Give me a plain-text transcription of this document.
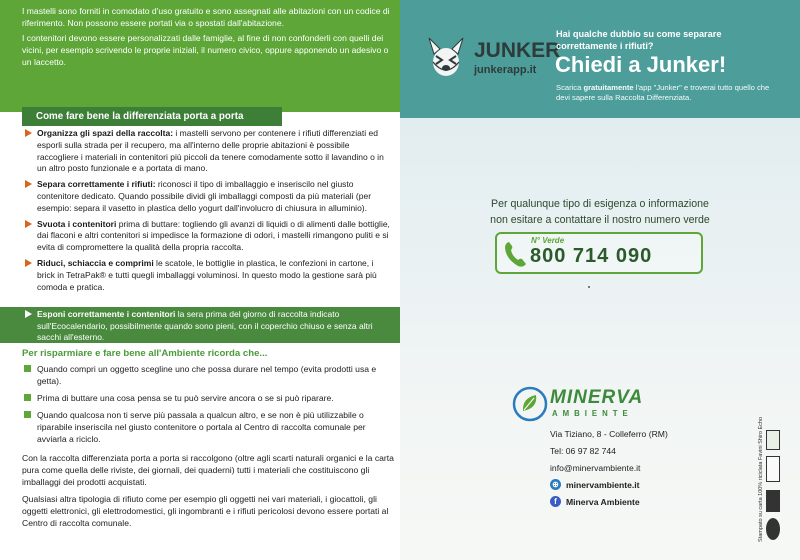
I mastelli sono forniti in comodato d'uso gratuito e sono assegnati alle abitazioni con un codice di riferimento. Non possono essere portati via o spostati dall'abitazione.

I contenitori devono essere personalizzati dalle famiglie, al fine di non confonderli con quelli dei vicini, per esempio scrivendo le proprie iniziali, il numero civico, oppure apponendo un adesivo o un laccetto.

Come fare bene la differenziata porta a porta
Organizza gli spazi della raccolta: i mastelli servono per contenere i rifiuti differenziati ed esporli sulla strada per il recupero, ma all'interno delle proprie abitazioni è possibile raccogliere i materiali in contenitori più piccoli da tenere comodamente sotto il lavandino o in un altro posto funzionale e a portata di mano.
Separa correttamente i rifiuti: riconosci il tipo di imballaggio e inseriscilo nel giusto contenitore dedicato. Quando possibile dividi gli imballaggi composti da più materiali (per esempio: separa il vasetto in plastica dello yogurt dall'involucro di chiusura in alluminio).
Svuota i contenitori prima di buttare: togliendo gli avanzi di liquidi o di alimenti dalle bottiglie, dai flaconi e altri contenitori si impedisce la formazione di odori, i mastelli rimangono puliti e si evita di compromettere la qualità della propria raccolta.
Riduci, schiaccia e comprimi le scatole, le bottiglie in plastica, le confezioni in cartone, i brick in TetraPak® e tutti quegli imballaggi voluminosi. In questo modo la gestione sarà più comoda e pratica.
Esponi correttamente i contenitori la sera prima del giorno di raccolta indicato sull'Ecocalendario, possibilmente quando sono pieni, con il coperchio chiuso e senza altri sacchi all'esterno.
Per risparmiare e fare bene all'Ambiente ricorda che...
Quando compri un oggetto scegline uno che possa durare nel tempo (evita prodotti usa e getta).
Prima di buttare una cosa pensa se tu può servire ancora o se si può riparare.
Quando qualcosa non ti serve più passala a qualcun altro, e se non è più utilizzabile o riparabile inseriscila nel giusto contenitore o portala al Centro di raccolta comunale per avviarla a riciclo.

Con la raccolta differenziata porta a porta si raccolgono (oltre agli scarti naturali organici e la carta pura come quella delle riviste, dei giornali, dei quaderni) tutti i materiali che costituiscono gli imballaggi dei prodotti acquistati.

Qualsiasi altra tipologia di rifiuto come per esempio gli oggetti nei vari materiali, i giocattoli, gli oggetti elettronici, gli elettrodomestici, gli ingombranti e i rifiuti pericolosi devono essere portati al Centro di raccolta comunale.

JUNKER
junkerapp.it
Hai qualche dubbio su come separare correttamente i rifiuti?
Chiedi a Junker!
Scarica gratuitamente l'app "Junker" e troverai tutto quello che devi sapere sulla Raccolta Differenziata.
Per qualunque tipo di esigenza o informazione
non esitare a contattare il nostro numero verde
N° Verde
800 714 090
MINERVA
AMBIENTE
Via Tiziano, 8 - Colleferro (RM)
Tel: 06 97 82 744
info@minervambiente.it
⊕ minervambiente.it
f	Minerva Ambiente	Stampato su carta 100% riciclata Favini Shiro Echo
